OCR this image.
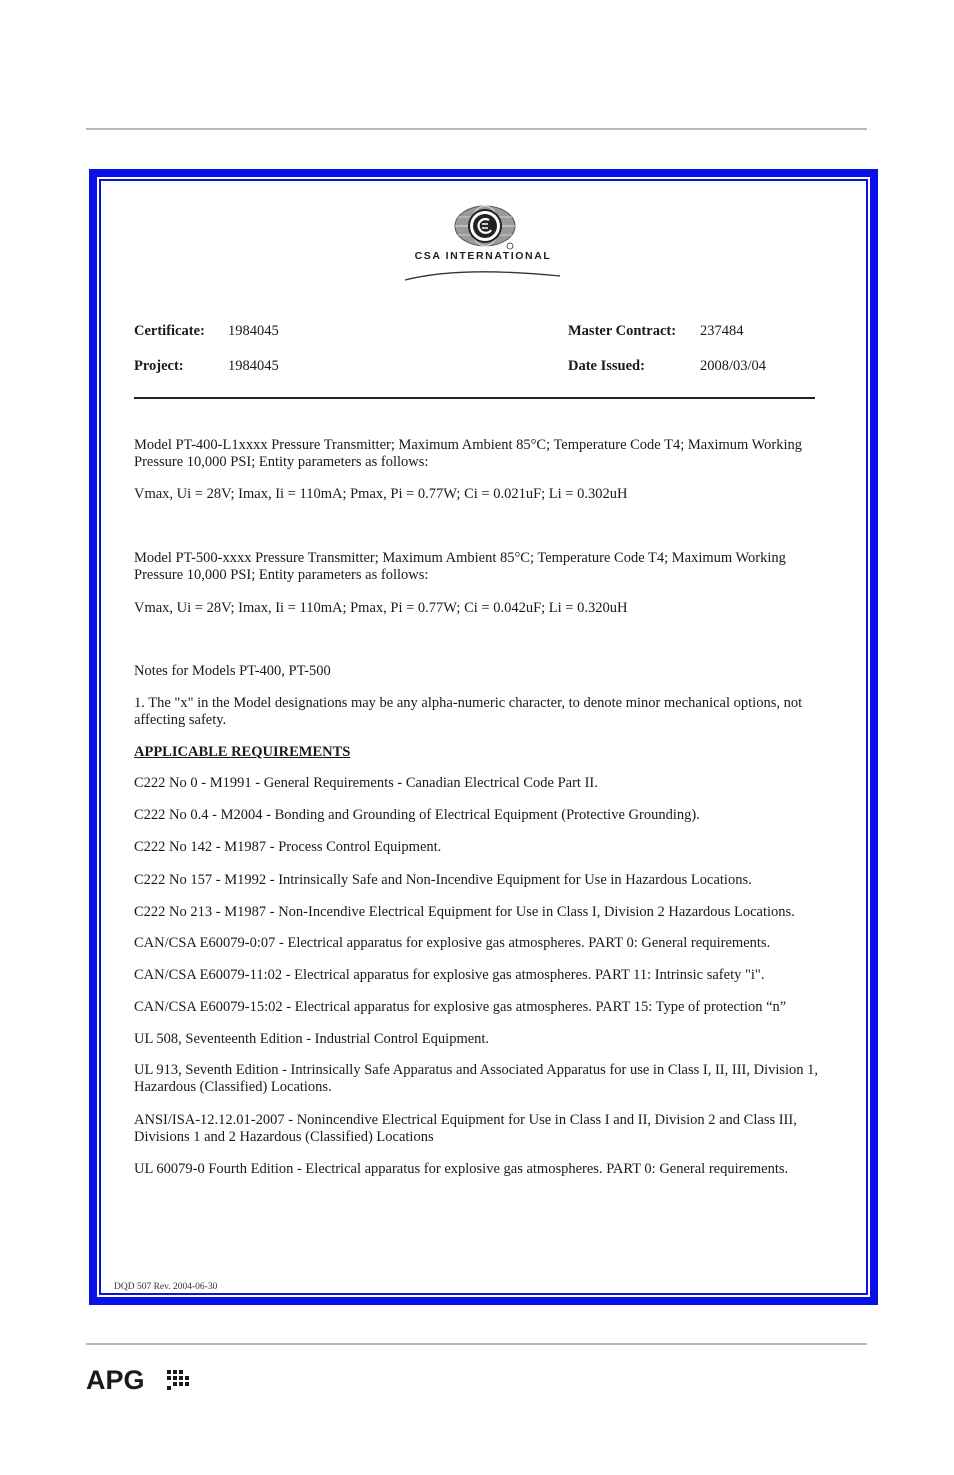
CSA INTERNATIONAL
Certificate: 1984045	Master Contract: 237484
Project:	1984045	Date Issued:	2008/03/04
Model PT-400-L1xxxx Pressure Transmitter; Maximum Ambient 85°C; Temperature Code T4; Maximum Working Pressure 10,000 PSI; Entity parameters as follows:
Vmax, Ui = 28V; Imax, Ii = 110mA; Pmax, Pi = 0.77W; Ci = 0.021uF; Li = 0.302uH
Model PT-500-xxxx Pressure Transmitter; Maximum Ambient 85°C; Temperature Code T4; Maximum Working Pressure 10,000 PSI; Entity parameters as follows:
Vmax, Ui = 28V; Imax, Ii = 110mA; Pmax, Pi = 0.77W; Ci = 0.042uF; Li = 0.320uH
Notes for Models PT-400, PT-500
1. The "x" in the Model designations may be any alpha-numeric character, to denote minor mechanical options, not affecting safety.
APPLICABLE REQUIREMENTS
C222 No 0 - M1991 - General Requirements - Canadian Electrical Code Part II.
C222 No 0.4 - M2004 - Bonding and Grounding of Electrical Equipment (Protective Grounding).
C222 No 142 - M1987 - Process Control Equipment.
C222 No 157 - M1992 - Intrinsically Safe and Non-Incendive Equipment for Use in Hazardous Locations.
C222 No 213 - M1987 - Non-Incendive Electrical Equipment for Use in Class I, Division 2 Hazardous Locations.
CAN/CSA E60079-0:07 - Electrical apparatus for explosive gas atmospheres. PART 0: General requirements.
CAN/CSA E60079-11:02 - Electrical apparatus for explosive gas atmospheres. PART 11: Intrinsic safety "i".
CAN/CSA E60079-15:02 - Electrical apparatus for explosive gas atmospheres. PART 15: Type of protection “n”
UL 508, Seventeenth Edition - Industrial Control Equipment.
UL 913, Seventh Edition - Intrinsically Safe Apparatus and Associated Apparatus for use in Class I, II, III, Division 1, Hazardous (Classified) Locations.
ANSI/ISA-12.12.01-2007 - Nonincendive Electrical Equipment for Use in Class I and II, Division 2 and Class III, Divisions 1 and 2 Hazardous (Classified) Locations
UL 60079-0 Fourth Edition - Electrical apparatus for explosive gas atmospheres. PART 0: General requirements.
DQD 507 Rev. 2004-06-30
APG
